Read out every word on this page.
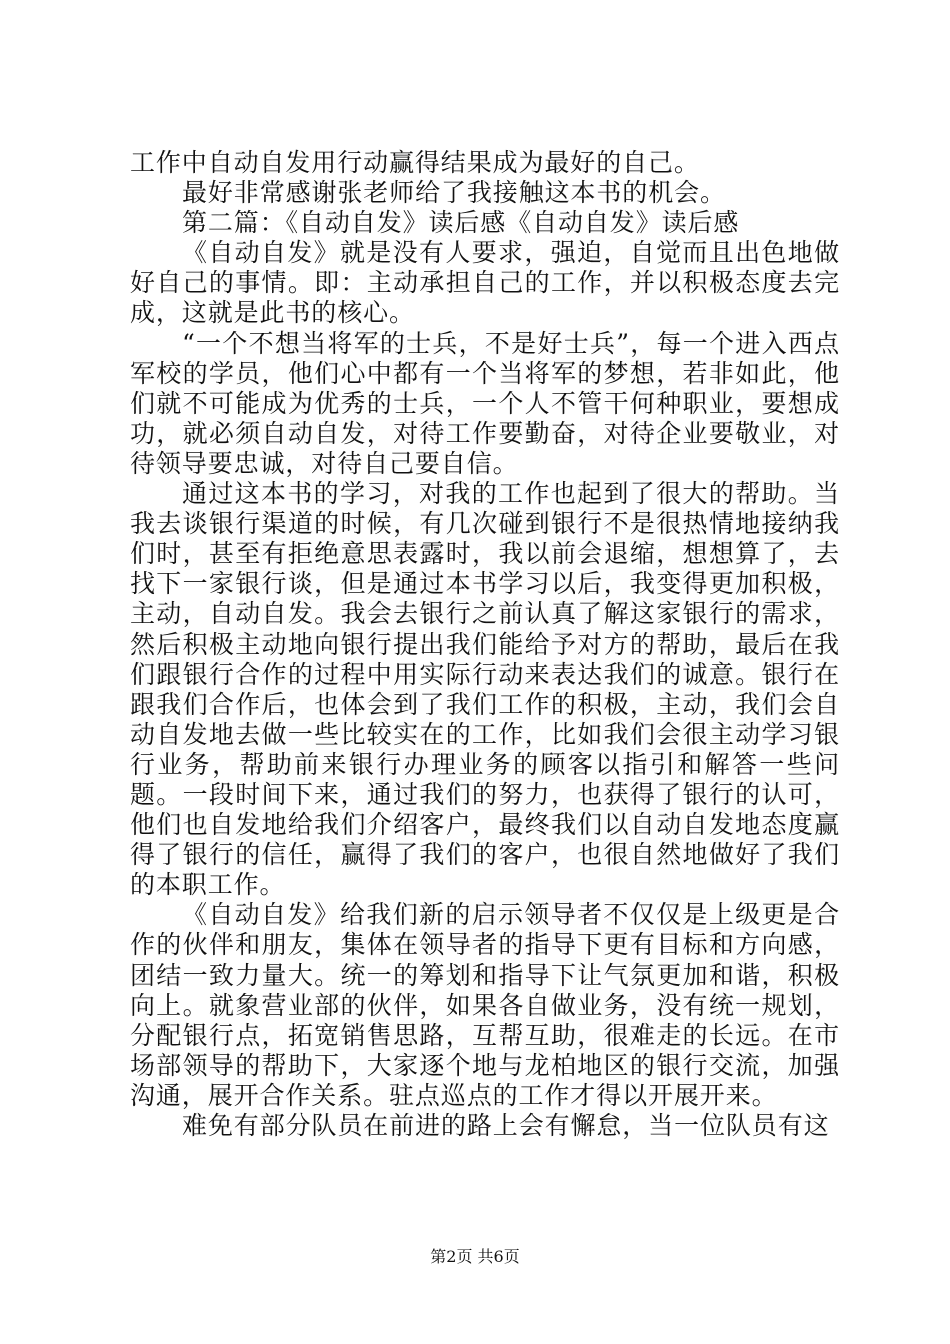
工作中自动自发用行动赢得结果成为最好的自己。

最好非常感谢张老师给了我接触这本书的机会。

第二篇：《自动自发》读后感《自动自发》读后感

《自动自发》就是没有人要求，强迫，自觉而且出色地做好自己的事情。即：主动承担自己的工作，并以积极态度去完成，这就是此书的核心。

“一个不想当将军的士兵，不是好士兵”，每一个进入西点军校的学员，他们心中都有一个当将军的梦想，若非如此，他们就不可能成为优秀的士兵，一个人不管干何种职业，要想成功，就必须自动自发，对待工作要勤奋，对待企业要敬业，对待领导要忠诚，对待自己要自信。

通过这本书的学习，对我的工作也起到了很大的帮助。当我去谈银行渠道的时候，有几次碰到银行不是很热情地接纳我们时，甚至有拒绝意思表露时，我以前会退缩，想想算了，去找下一家银行谈，但是通过本书学习以后，我变得更加积极，主动，自动自发。我会去银行之前认真了解这家银行的需求，然后积极主动地向银行提出我们能给予对方的帮助，最后在我们跟银行合作的过程中用实际行动来表达我们的诚意。银行在跟我们合作后，也体会到了我们工作的积极，主动，我们会自动自发地去做一些比较实在的工作，比如我们会很主动学习银行业务，帮助前来银行办理业务的顾客以指引和解答一些问题。一段时间下来，通过我们的努力，也获得了银行的认可，他们也自发地给我们介绍客户，最终我们以自动自发地态度赢得了银行的信任，赢得了我们的客户，也很自然地做好了我们的本职工作。

《自动自发》给我们新的启示领导者不仅仅是上级更是合作的伙伴和朋友，集体在领导者的指导下更有目标和方向感，团结一致力量大。统一的筹划和指导下让气氛更加和谐，积极向上。就象营业部的伙伴，如果各自做业务，没有统一规划，分配银行点，拓宽销售思路，互帮互助，很难走的长远。在市场部领导的帮助下，大家逐个地与龙柏地区的银行交流，加强沟通，展开合作关系。驻点巡点的工作才得以开展开来。

难免有部分队员在前进的路上会有懈怠，当一位队员有这

第2页 共6页
